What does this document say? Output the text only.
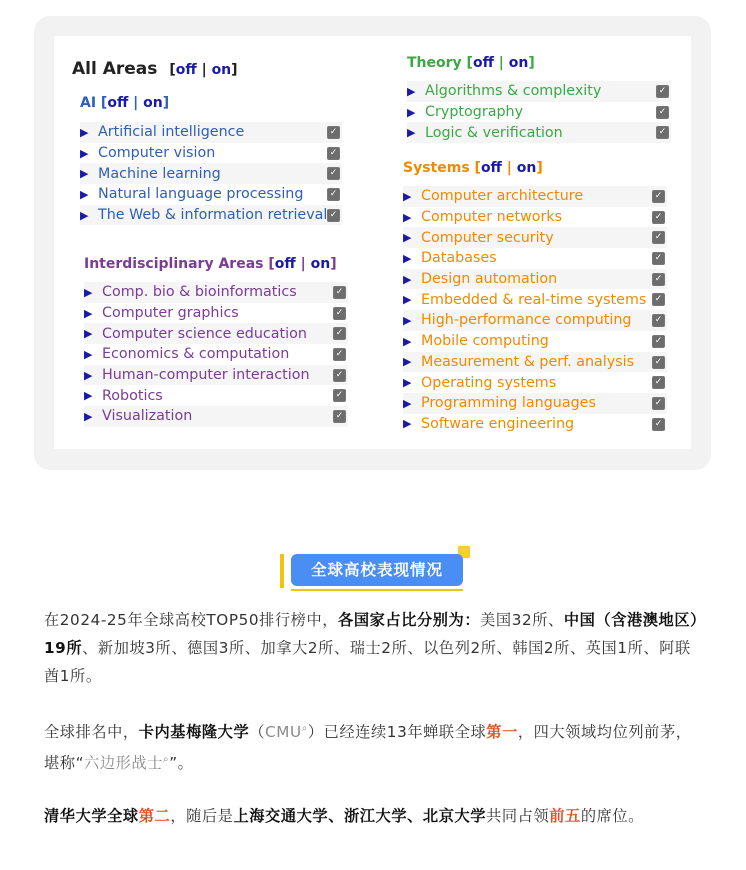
All Areas [off | on]
AI [off | on]
▶ Artificial intelligence	✓
▶ Computer vision	✓
▶ Machine learning	✓
▶ Natural language processing	✓
▶ The Web & information retrieval ✓
Interdisciplinary Areas [off | on]
▶ Comp. bio & bioinformatics	✓
▶ Computer graphics	✓
▶ Computer science education	✓
▶ Economics & computation	✓
▶ Human-computer interaction	✓
▶ Robotics	✓
▶ Visualization	✓
Theory [off | on]
▶ Algorithms & complexity	✓
▶ Cryptography	✓
▶ Logic & verification	✓
Systems [off | on]
▶ Computer architecture	✓
▶ Computer networks	✓
▶ Computer security	✓
▶ Databases	✓
▶ Design automation	✓
▶ Embedded & real-time systems ✓
▶ High-performance computing	✓
▶ Mobile computing	✓
▶ Measurement & perf. analysis	✓
▶ Operating systems	✓
▶ Programming languages	✓
▶ Software engineering	✓
全球高校表现情况
在2024-25年全球高校TOP50排行榜中，各国家占比分别为：美国32所、中国（含港澳地区）19所、新加坡3所、德国3所、加拿大2所、瑞士2所、以色列2所、韩国2所、英国1所、阿联酋1所。
全球排名中，卡内基梅隆大学（CMU⌕）已经连续13年蝉联全球第一，四大领域均位列前茅，堪称“六边形战士⌕”。
清华大学全球第二，随后是上海交通大学、浙江大学、北京大学共同占领前五的席位。
